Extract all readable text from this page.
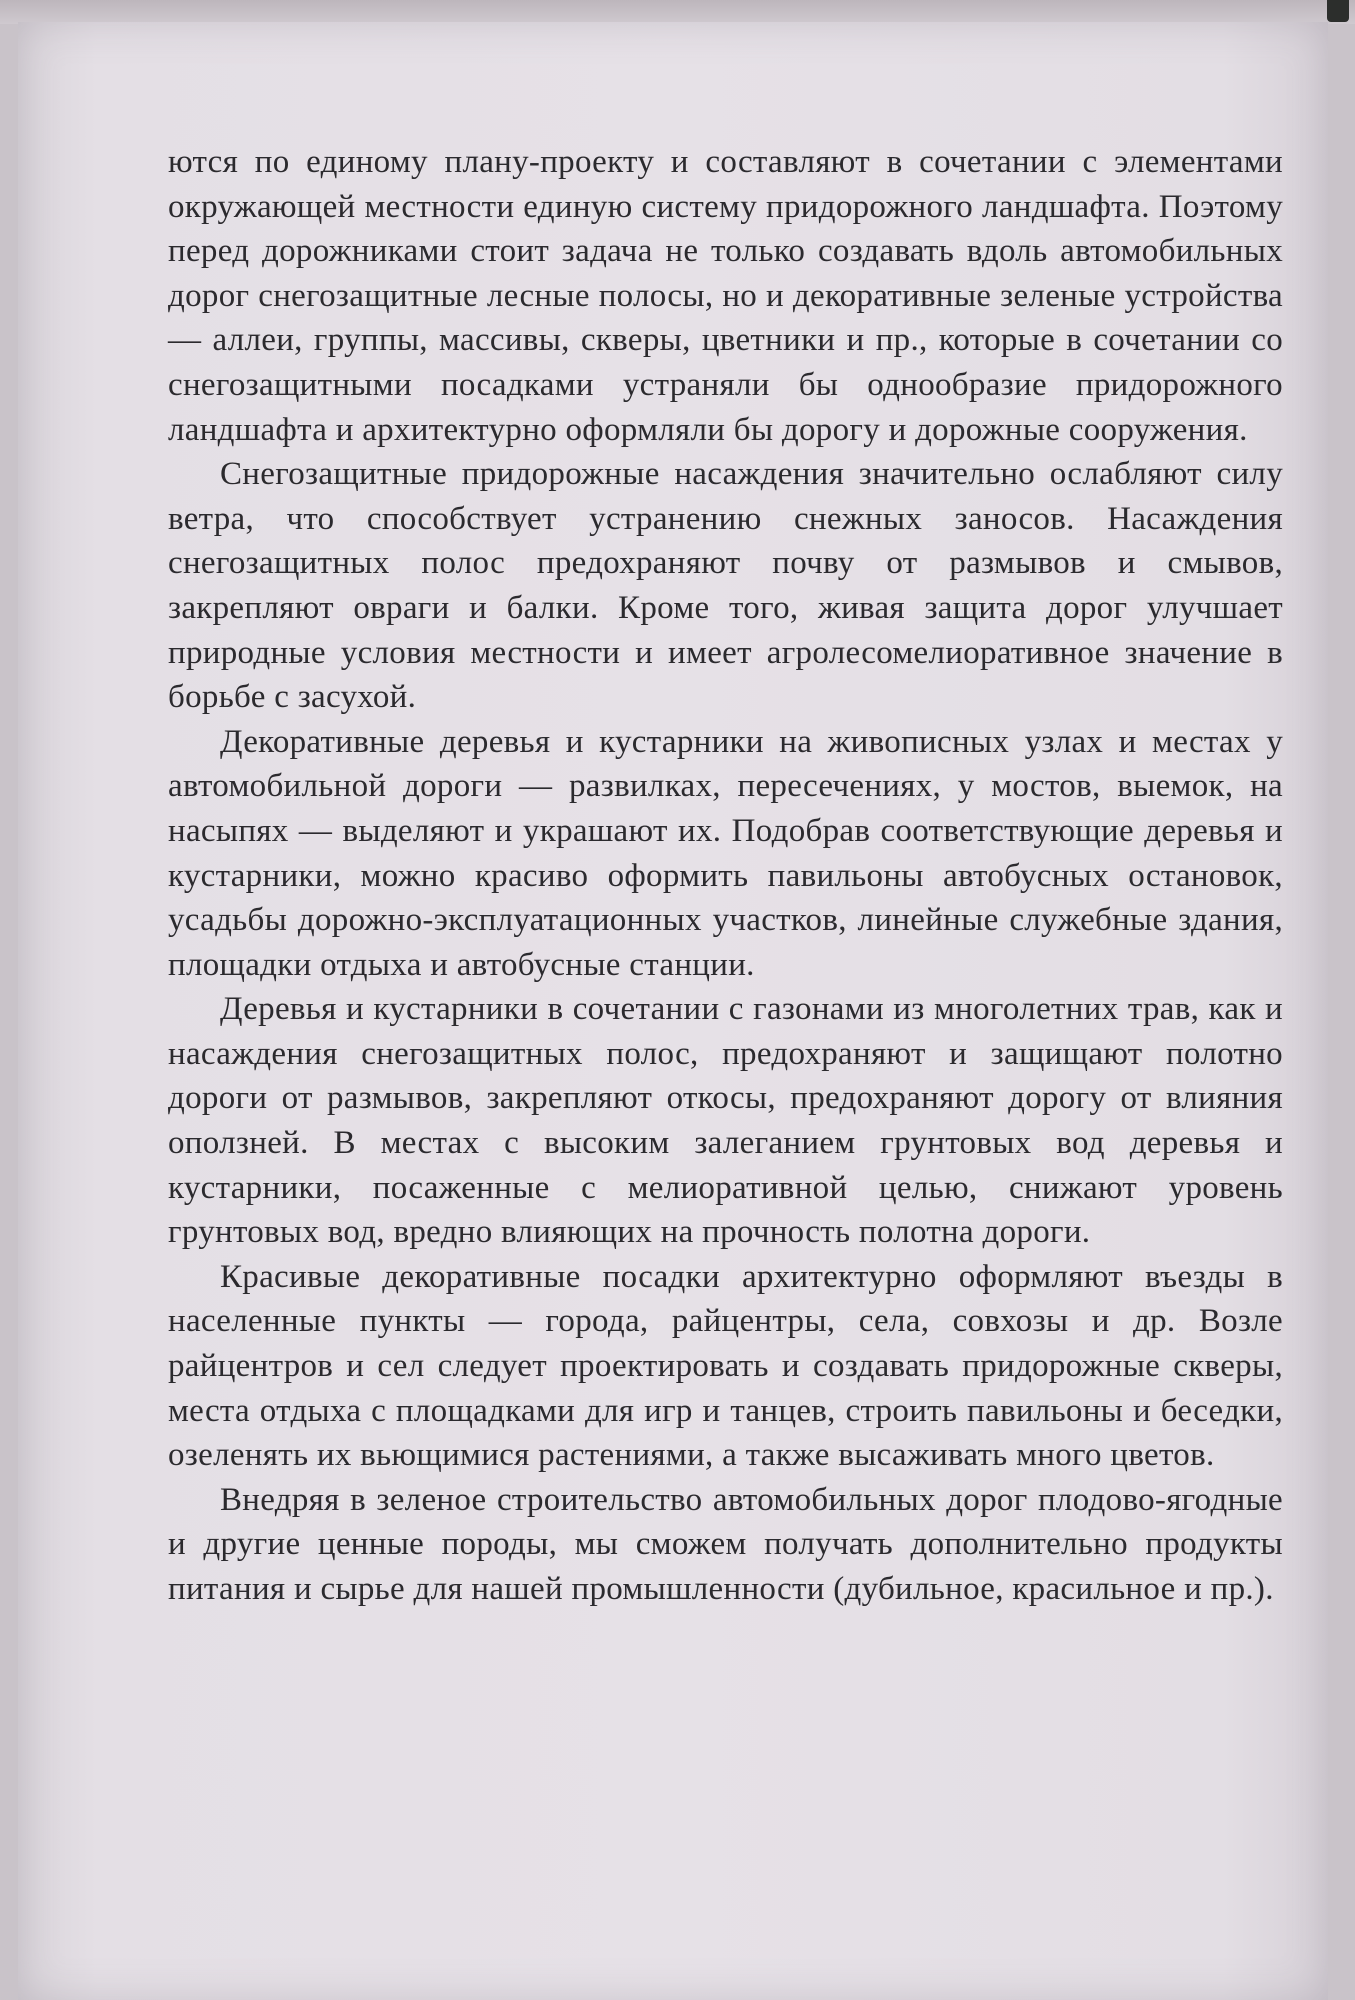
ются по единому плану-проекту и составляют в сочетании с элементами окружающей местности единую систему придорожного ландшафта. Поэтому перед дорожниками стоит задача не только создавать вдоль автомобильных дорог снегозащитные лесные полосы, но и декоративные зеленые устройства — аллеи, группы, массивы, скверы, цветники и пр., которые в сочетании со снегозащитными посадками устраняли бы однообразие придорожного ландшафта и архитектурно оформляли бы дорогу и дорожные сооружения.

Снегозащитные придорожные насаждения значительно ослабляют силу ветра, что способствует устранению снежных заносов. Насаждения снегозащитных полос предохраняют почву от размывов и смывов, закрепляют овраги и балки. Кроме того, живая защита дорог улучшает природные условия местности и имеет агролесомелиоративное значение в борьбе с засухой.

Декоративные деревья и кустарники на живописных узлах и местах у автомобильной дороги — развилках, пересечениях, у мостов, выемок, на насыпях — выделяют и украшают их. Подобрав соответствующие деревья и кустарники, можно красиво оформить павильоны автобусных остановок, усадьбы дорожно-эксплуатационных участков, линейные служебные здания, площадки отдыха и автобусные станции.

Деревья и кустарники в сочетании с газонами из многолетних трав, как и насаждения снегозащитных полос, предохраняют и защищают полотно дороги от размывов, закрепляют откосы, предохраняют дорогу от влияния оползней. В местах с высоким залеганием грунтовых вод деревья и кустарники, посаженные с мелиоративной целью, снижают уровень грунтовых вод, вредно влияющих на прочность полотна дороги.

Красивые декоративные посадки архитектурно оформляют въезды в населенные пункты — города, райцентры, села, совхозы и др. Возле райцентров и сел следует проектировать и создавать придорожные скверы, места отдыха с площадками для игр и танцев, строить павильоны и беседки, озеленять их вьющимися растениями, а также высаживать много цветов.

Внедряя в зеленое строительство автомобильных дорог плодово-ягодные и другие ценные породы, мы сможем получать дополнительно продукты питания и сырье для нашей промышленности (дубильное, красильное и пр.).
